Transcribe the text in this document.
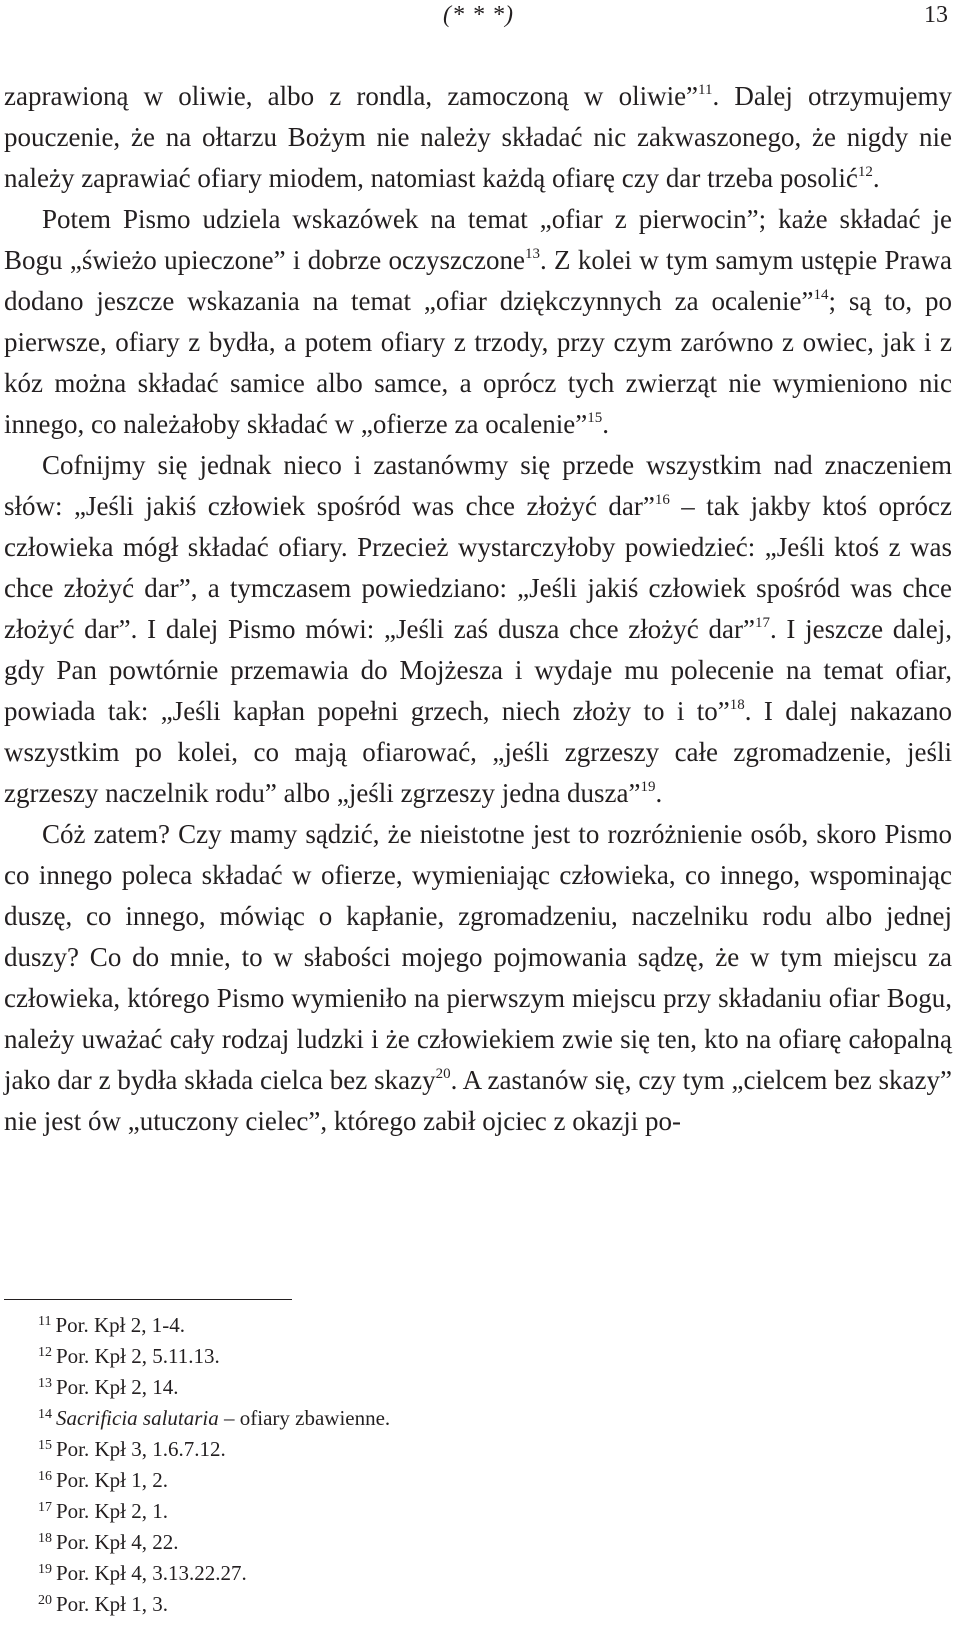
(* * *)	13

zaprawioną w oliwie, albo z rondla, zamoczoną w oliwie”$^{11}$. Dalej otrzymujemy pouczenie, że na ołtarzu Bożym nie należy składać nic zakwaszonego, że nigdy nie należy zaprawiać ofiary miodem, natomiast każdą ofiarę czy dar trzeba posolić$^{12}$.

Potem Pismo udziela wskazówek na temat „ofiar z pierwocin”; każe składać je Bogu „świeżo upieczone” i dobrze oczyszczone$^{13}$. Z kolei w tym samym ustępie Prawa dodano jeszcze wskazania na temat „ofiar dziękczynnych za ocalenie”$^{14}$; są to, po pierwsze, ofiary z bydła, a potem ofiary z trzody, przy czym zarówno z owiec, jak i z kóz można składać samice albo samce, a oprócz tych zwierząt nie wymieniono nic innego, co należałoby składać w „ofierze za ocalenie”$^{15}$.

Cofnijmy się jednak nieco i zastanówmy się przede wszystkim nad znaczeniem słów: „Jeśli jakiś człowiek spośród was chce złożyć dar”$^{16}$ – tak jakby ktoś oprócz człowieka mógł składać ofiary. Przecież wystarczyłoby powiedzieć: „Jeśli ktoś z was chce złożyć dar”, a tymczasem powiedziano: „Jeśli jakiś człowiek spośród was chce złożyć dar”. I dalej Pismo mówi: „Jeśli zaś dusza chce złożyć dar”$^{17}$. I jeszcze dalej, gdy Pan powtórnie przemawia do Mojżesza i wydaje mu polecenie na temat ofiar, powiada tak: „Jeśli kapłan popełni grzech, niech złoży to i to”$^{18}$. I dalej nakazano wszystkim po kolei, co mają ofiarować, „jeśli zgrzeszy całe zgromadzenie, jeśli zgrzeszy naczelnik rodu” albo „jeśli zgrzeszy jedna dusza”$^{19}$.

Cóż zatem? Czy mamy sądzić, że nieistotne jest to rozróżnienie osób, skoro Pismo co innego poleca składać w ofierze, wymieniając człowieka, co innego, wspominając duszę, co innego, mówiąc o kapłanie, zgromadzeniu, naczelniku rodu albo jednej duszy? Co do mnie, to w słabości mojego pojmowania sądzę, że w tym miejscu za człowieka, którego Pismo wymieniło na pierwszym miejscu przy składaniu ofiar Bogu, należy uważać cały rodzaj ludzki i że człowiekiem zwie się ten, kto na ofiarę całopalną jako dar z bydła składa cielca bez skazy$^{20}$. A zastanów się, czy tym „cielcem bez skazy” nie jest ów „utuczony cielec”, którego zabił ojciec z okazji po-

$^{11}$ Por. Kpł 2, 1-4.
$^{12}$ Por. Kpł 2, 5.11.13.
$^{13}$ Por. Kpł 2, 14.
$^{14}$ Sacrificia salutaria – ofiary zbawienne.
$^{15}$ Por. Kpł 3, 1.6.7.12.
$^{16}$ Por. Kpł 1, 2.
$^{17}$ Por. Kpł 2, 1.
$^{18}$ Por. Kpł 4, 22.
$^{19}$ Por. Kpł 4, 3.13.22.27.
$^{20}$ Por. Kpł 1, 3.
